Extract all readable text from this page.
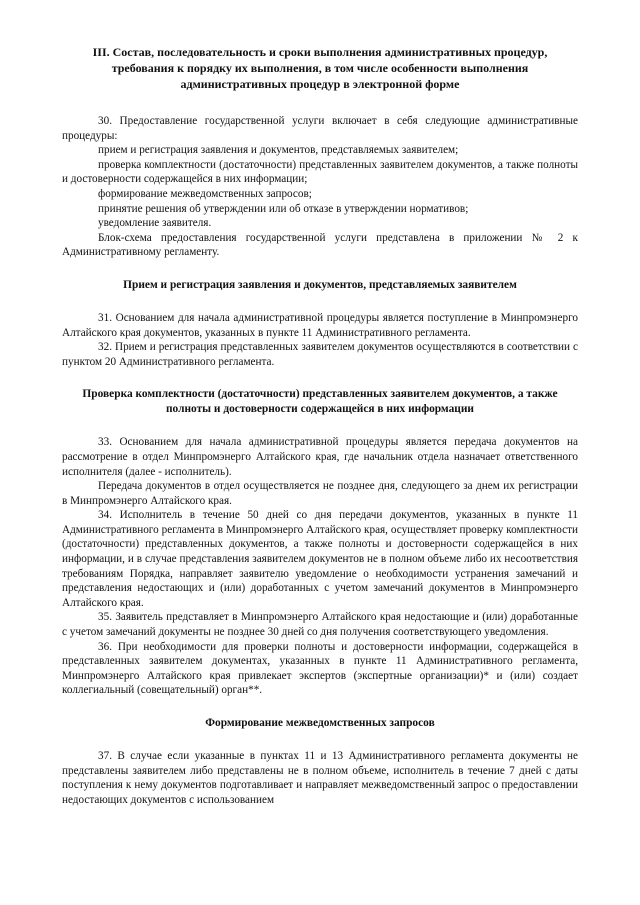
III. Состав, последовательность и сроки выполнения административных процедур, требования к порядку их выполнения, в том числе особенности выполнения административных процедур в электронной форме

30. Предоставление государственной услуги включает в себя следующие административные процедуры:

прием и регистрация заявления и документов, представляемых заявителем;

проверка комплектности (достаточности) представленных заявителем документов, а также полноты и достоверности содержащейся в них информации;

формирование межведомственных запросов;

принятие решения об утверждении или об отказе в утверждении нормативов;

уведомление заявителя.

Блок-схема предоставления государственной услуги представлена в приложении № 2 к Административному регламенту.

Прием и регистрация заявления и документов, представляемых заявителем

31. Основанием для начала административной процедуры является поступление в Минпромэнерго Алтайского края документов, указанных в пункте 11 Административного регламента.

32. Прием и регистрация представленных заявителем документов осуществляются в соответствии с пунктом 20 Административного регламента.

Проверка комплектности (достаточности) представленных заявителем документов, а также полноты и достоверности содержащейся в них информации

33. Основанием для начала административной процедуры является передача документов на рассмотрение в отдел Минпромэнерго Алтайского края, где начальник отдела назначает ответственного исполнителя (далее - исполнитель).

Передача документов в отдел осуществляется не позднее дня, следующего за днем их регистрации в Минпромэнерго Алтайского края.

34. Исполнитель в течение 50 дней со дня передачи документов, указанных в пункте 11 Административного регламента в Минпромэнерго Алтайского края, осуществляет проверку комплектности (достаточности) представленных документов, а также полноты и достоверности содержащейся в них информации, и в случае представления заявителем документов не в полном объеме либо их несоответствия требованиям Порядка, направляет заявителю уведомление о необходимости устранения замечаний и представления недостающих и (или) доработанных с учетом замечаний документов в Минпромэнерго Алтайского края.

35. Заявитель представляет в Минпромэнерго Алтайского края недостающие и (или) доработанные с учетом замечаний документы не позднее 30 дней со дня получения соответствующего уведомления.

36. При необходимости для проверки полноты и достоверности информации, содержащейся в представленных заявителем документах, указанных в пункте 11 Административного регламента, Минпромэнерго Алтайского края привлекает экспертов (экспертные организации)* и (или) создает коллегиальный (совещательный) орган**.

Формирование межведомственных запросов

37. В случае если указанные в пунктах 11 и 13 Административного регламента документы не представлены заявителем либо представлены не в полном объеме, исполнитель в течение 7 дней с даты поступления к нему документов подготавливает и направляет межведомственный запрос о предоставлении недостающих документов с использованием
